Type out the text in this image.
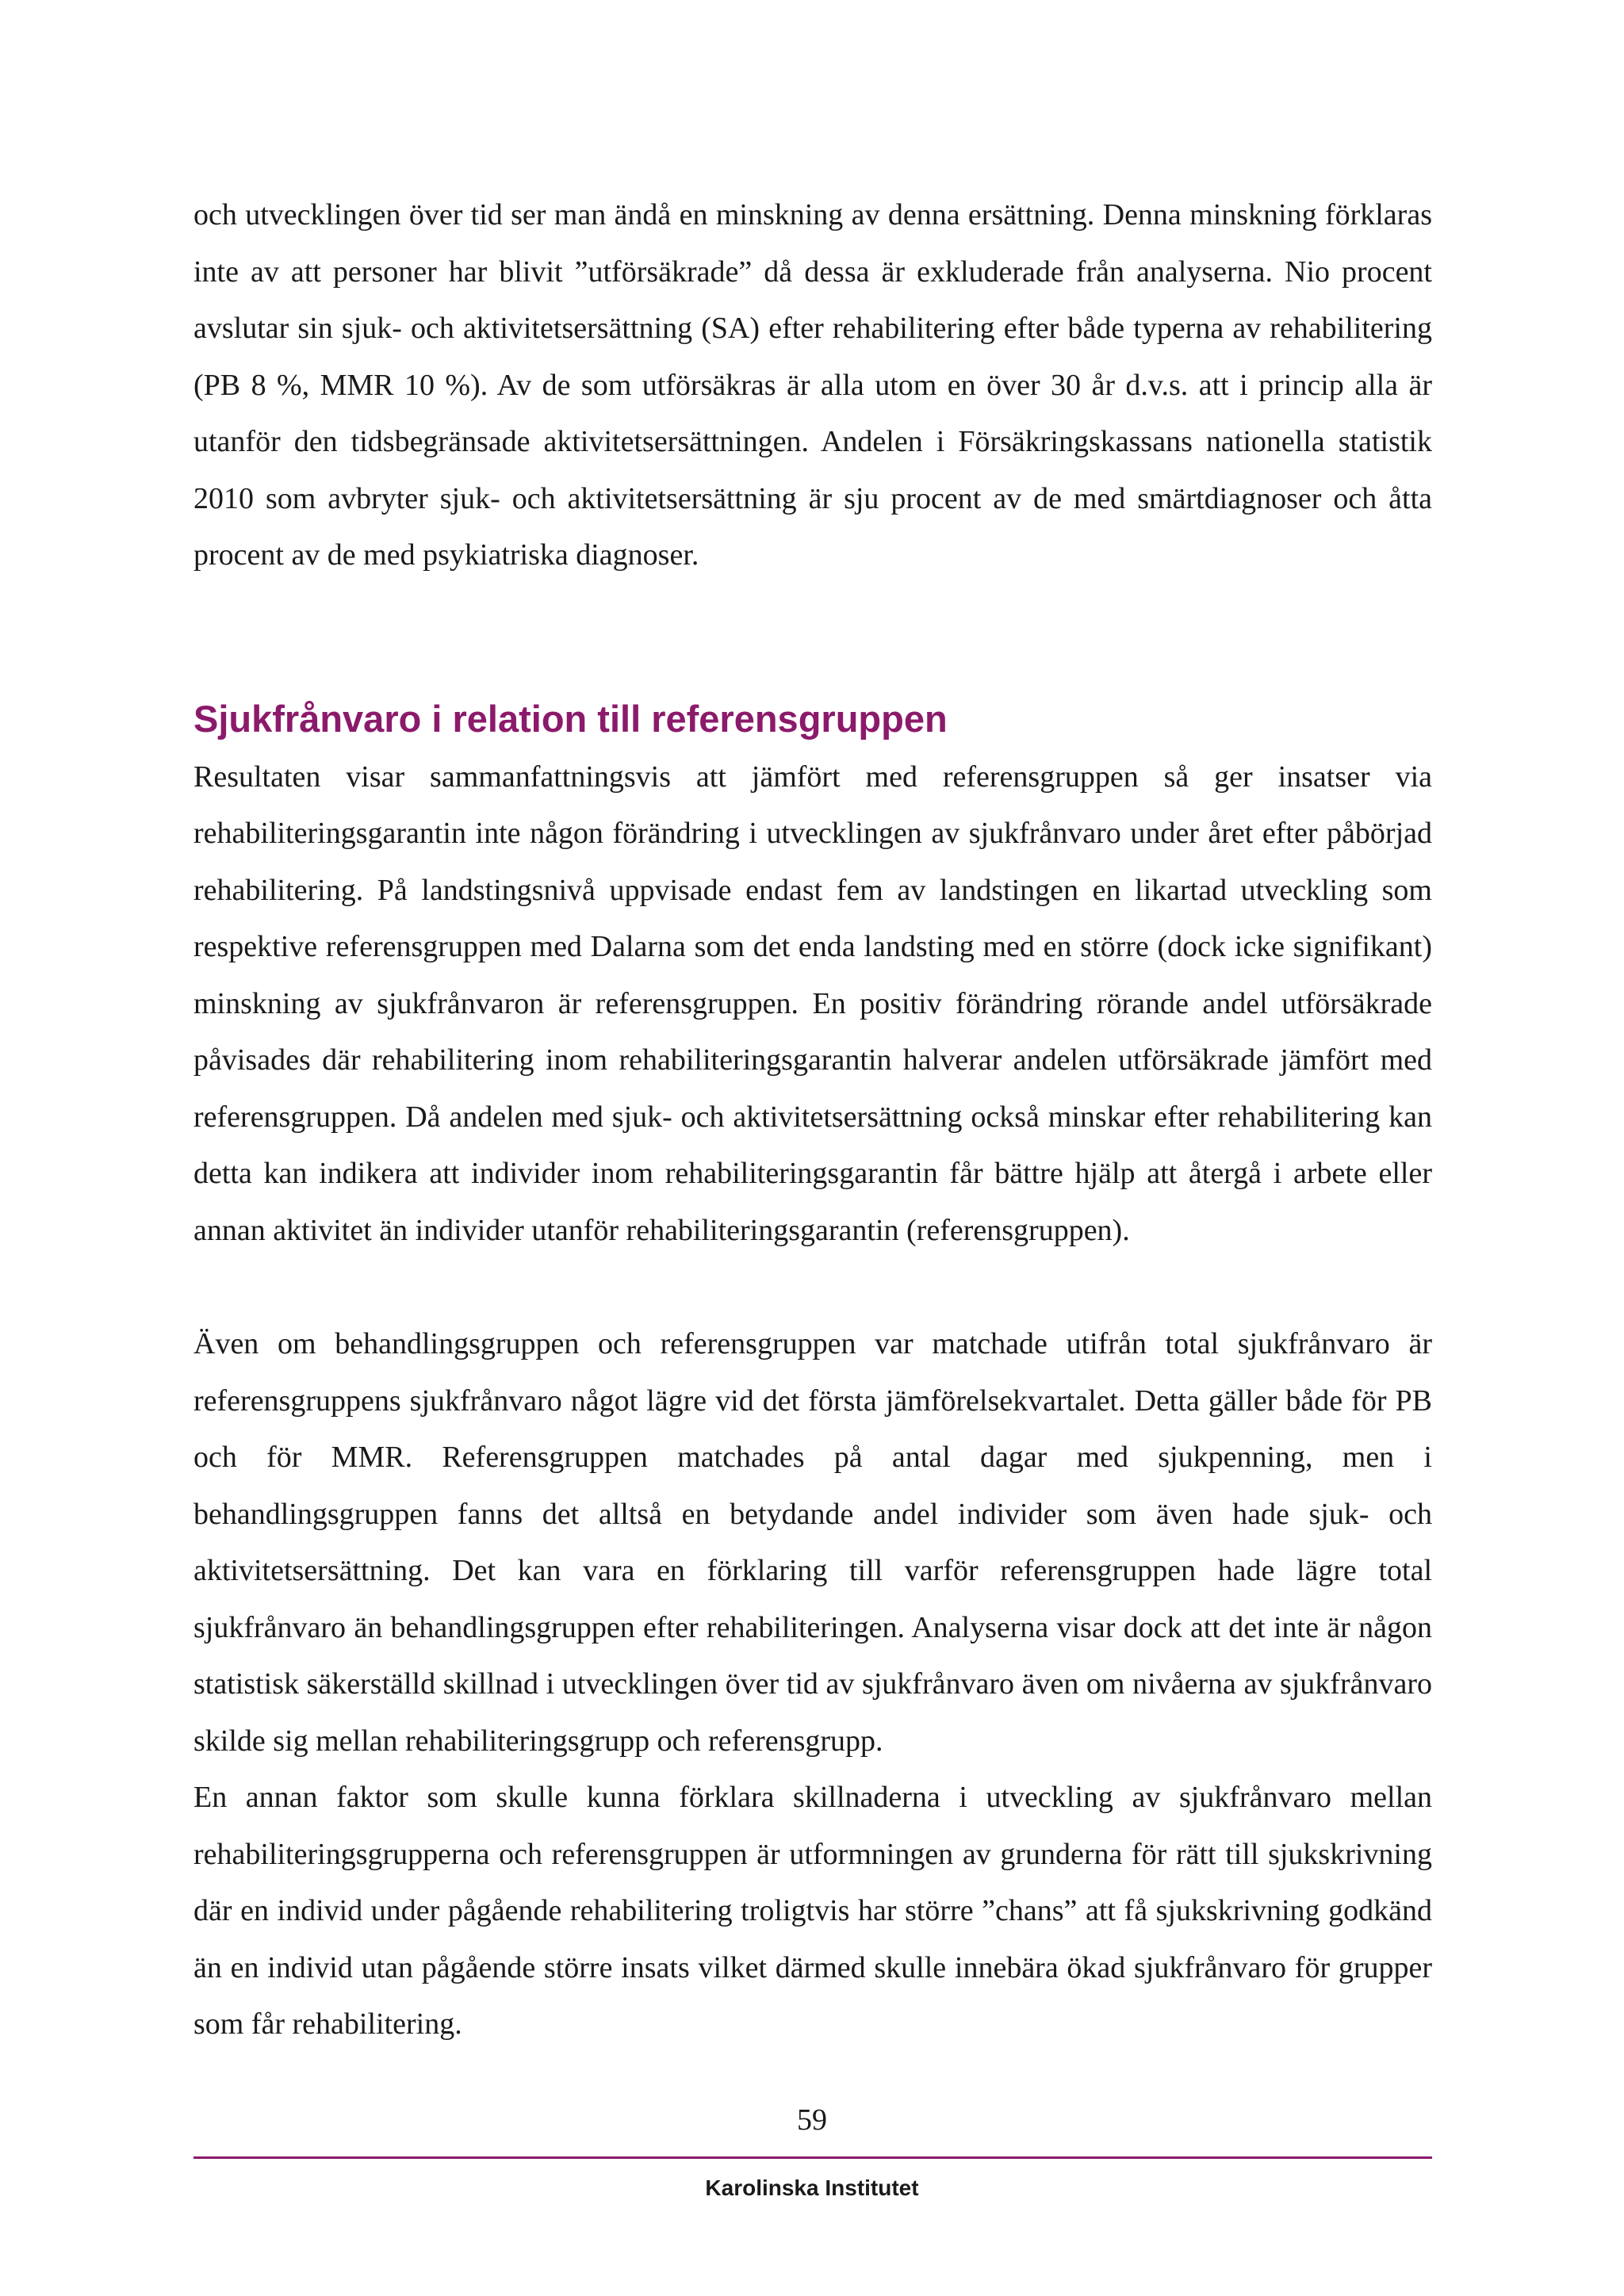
och utvecklingen över tid ser man ändå en minskning av denna ersättning. Denna minskning förklaras inte av att personer har blivit ”utförsäkrade” då dessa är exkluderade från analyserna. Nio procent avslutar sin sjuk- och aktivitetsersättning (SA) efter rehabilitering efter både typerna av rehabilitering (PB 8 %, MMR 10 %). Av de som utförsäkras är alla utom en över 30 år d.v.s. att i princip alla är utanför den tidsbegränsade aktivitetsersättningen. Andelen i Försäkringskassans nationella statistik 2010 som avbryter sjuk- och aktivitetsersättning är sju procent av de med smärtdiagnoser och åtta procent av de med psykiatriska diagnoser.

Sjukfrånvaro i relation till referensgruppen

Resultaten visar sammanfattningsvis att jämfört med referensgruppen så ger insatser via rehabiliteringsgarantin inte någon förändring i utvecklingen av sjukfrånvaro under året efter påbörjad rehabilitering. På landstingsnivå uppvisade endast fem av landstingen en likartad utveckling som respektive referensgruppen med Dalarna som det enda landsting med en större (dock icke signifikant) minskning av sjukfrånvaron är referensgruppen. En positiv förändring rörande andel utförsäkrade påvisades där rehabilitering inom rehabiliteringsgarantin halverar andelen utförsäkrade jämfört med referensgruppen. Då andelen med sjuk- och aktivitetsersättning också minskar efter rehabilitering kan detta kan indikera att individer inom rehabiliteringsgarantin får bättre hjälp att återgå i arbete eller annan aktivitet än individer utanför rehabiliteringsgarantin (referensgruppen).

Även om behandlingsgruppen och referensgruppen var matchade utifrån total sjukfrånvaro är referensgruppens sjukfrånvaro något lägre vid det första jämförelsekvartalet. Detta gäller både för PB och för MMR. Referensgruppen matchades på antal dagar med sjukpenning, men i behandlingsgruppen fanns det alltså en betydande andel individer som även hade sjuk- och aktivitetsersättning. Det kan vara en förklaring till varför referensgruppen hade lägre total sjukfrånvaro än behandlingsgruppen efter rehabiliteringen. Analyserna visar dock att det inte är någon statistisk säkerställd skillnad i utvecklingen över tid av sjukfrånvaro även om nivåerna av sjukfrånvaro skilde sig mellan rehabiliteringsgrupp och referensgrupp.

En annan faktor som skulle kunna förklara skillnaderna i utveckling av sjukfrånvaro mellan rehabiliteringsgrupperna och referensgruppen är utformningen av grunderna för rätt till sjukskrivning där en individ under pågående rehabilitering troligtvis har större ”chans” att få sjukskrivning godkänd än en individ utan pågående större insats vilket därmed skulle innebära ökad sjukfrånvaro för grupper som får rehabilitering.

59
Karolinska Institutet
